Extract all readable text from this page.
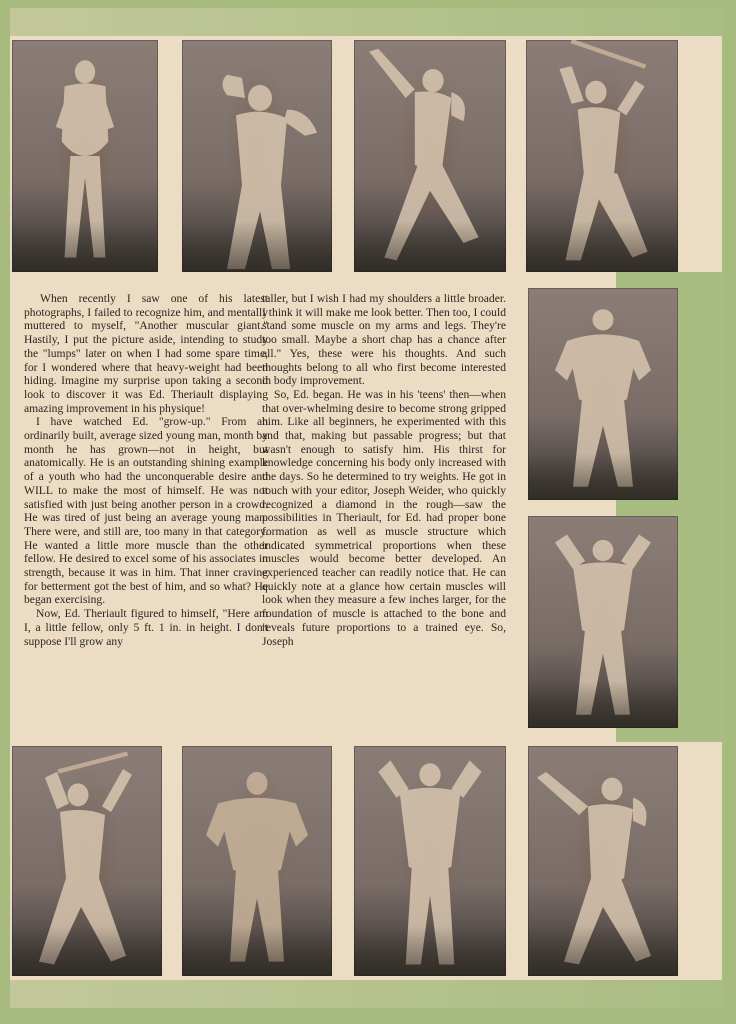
When recently I saw one of his latest photographs, I failed to recognize him, and mentally muttered to myself, "Another muscular giant." Hastily, I put the picture aside, intending to study the "lumps" later on when I had some spare time, for I wondered where that heavy-weight had been hiding. Imagine my surprise upon taking a second look to discover it was Ed. Theriault displaying amazing improvement in his physique!

I have watched Ed. "grow-up." From an ordinarily built, average sized young man, month by month he has grown—not in height, but anatomically. He is an outstanding shining example of a youth who had the unconquerable desire and WILL to make the most of himself. He was not satisfied with just being another person in a crowd. He was tired of just being an average young man. There were, and still are, too many in that category. He wanted a little more muscle than the other fellow. He desired to excel some of his associates in strength, because it was in him. That inner craving for betterment got the best of him, and so what? He began exercising.

Now, Ed. Theriault figured to himself, "Here am I, a little fellow, only 5 ft. 1 in. in height. I don't suppose I'll grow any

taller, but I wish I had my shoulders a little broader. I think it will make me look better. Then too, I could stand some muscle on my arms and legs. They're too small. Maybe a short chap has a chance after all." Yes, these were his thoughts. And such thoughts belong to all who first become interested in body improvement.

So, Ed. began. He was in his 'teens' then—when that over-whelming desire to become strong gripped him. Like all beginners, he experimented with this and that, making but passable progress; but that wasn't enough to satisfy him. His thirst for knowledge concerning his body only increased with the days. So he determined to try weights. He got in touch with your editor, Joseph Weider, who quickly recognized a diamond in the rough—saw the possibilities in Theriault, for Ed. had proper bone formation as well as muscle structure which indicated symmetrical proportions when these muscles would become better developed. An experienced teacher can readily notice that. He can quickly note at a glance how certain muscles will look when they measure a few inches larger, for the foundation of muscle is attached to the bone and reveals future proportions to a trained eye. So, Joseph
